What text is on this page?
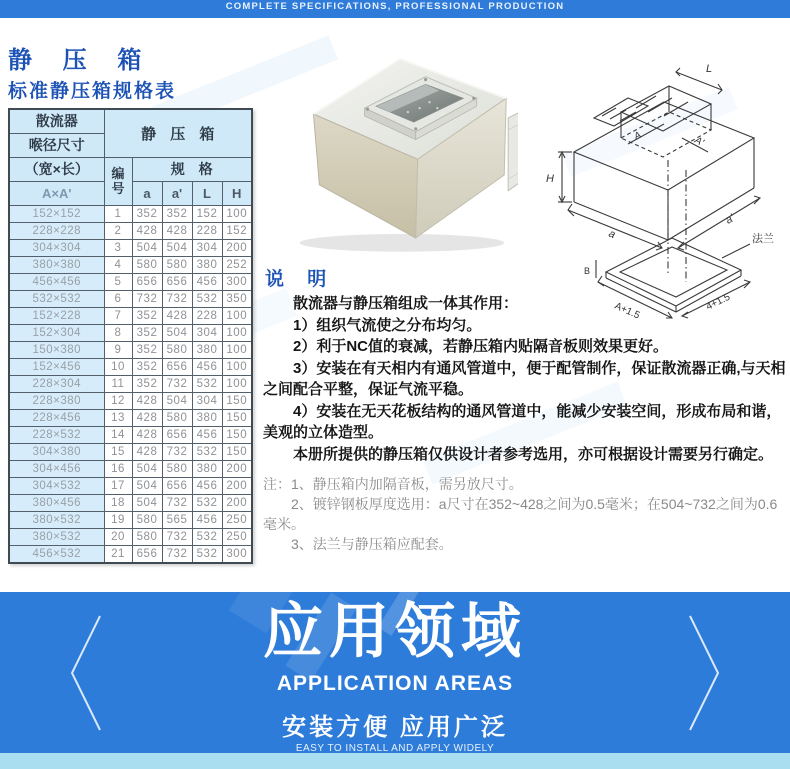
COMPLETE SPECIFICATIONS, PROFESSIONAL PRODUCTION
静 压 箱
标准静压箱规格表
散流器	静 压 箱				
喉径尺寸					
（宽×长）	编号	规 格			
A×A'		a	a'	L	H
152×152	1	352	352	152	100
228×228	2	428	428	228	152
304×304	3	504	504	304	200
380×380	4	580	580	380	252
456×456	5	656	656	456	300
532×532	6	732	732	532	350
152×228	7	352	428	228	100
152×304	8	352	504	304	100
150×380	9	352	580	380	100
152×456	10	352	656	456	100
228×304	11	352	732	532	100
228×380	12	428	504	304	150
228×456	13	428	580	380	150
228×532	14	428	656	456	150
304×380	15	428	732	532	150
304×456	16	504	580	380	200
304×532	17	504	656	456	200
380×456	18	504	732	532	200
380×532	19	580	565	456	250
380×532	20	580	732	532	250
456×532	21	656	732	532	300
H
L
A
a
A'
a'
法兰
A+1.5	4+1.5
B
说 明

散流器与静压箱组成一体其作用：

1）组织气流使之分布均匀。

2）利于NC值的衰减，若静压箱内贴隔音板则效果更好。

3）安装在有天相内有通风管道中，便于配管制作，保证散流器正确,与天相之间配合平整，保证气流平稳。

4）安装在无天花板结构的通风管道中，能减少安装空间，形成布局和谐，美观的立体造型。

本册所提供的静压箱仅供设计者参考选用，亦可根据设计需要另行确定。

注：1、静压箱内加隔音板，需另放尺寸。

2、镀锌钢板厚度选用：a尺寸在352~428之间为0.5毫米；在504~732之间为0.6毫米。

3、法兰与静压箱应配套。

应用领域
APPLICATION AREAS
安装方便 应用广泛
EASY TO INSTALL AND APPLY WIDELY
